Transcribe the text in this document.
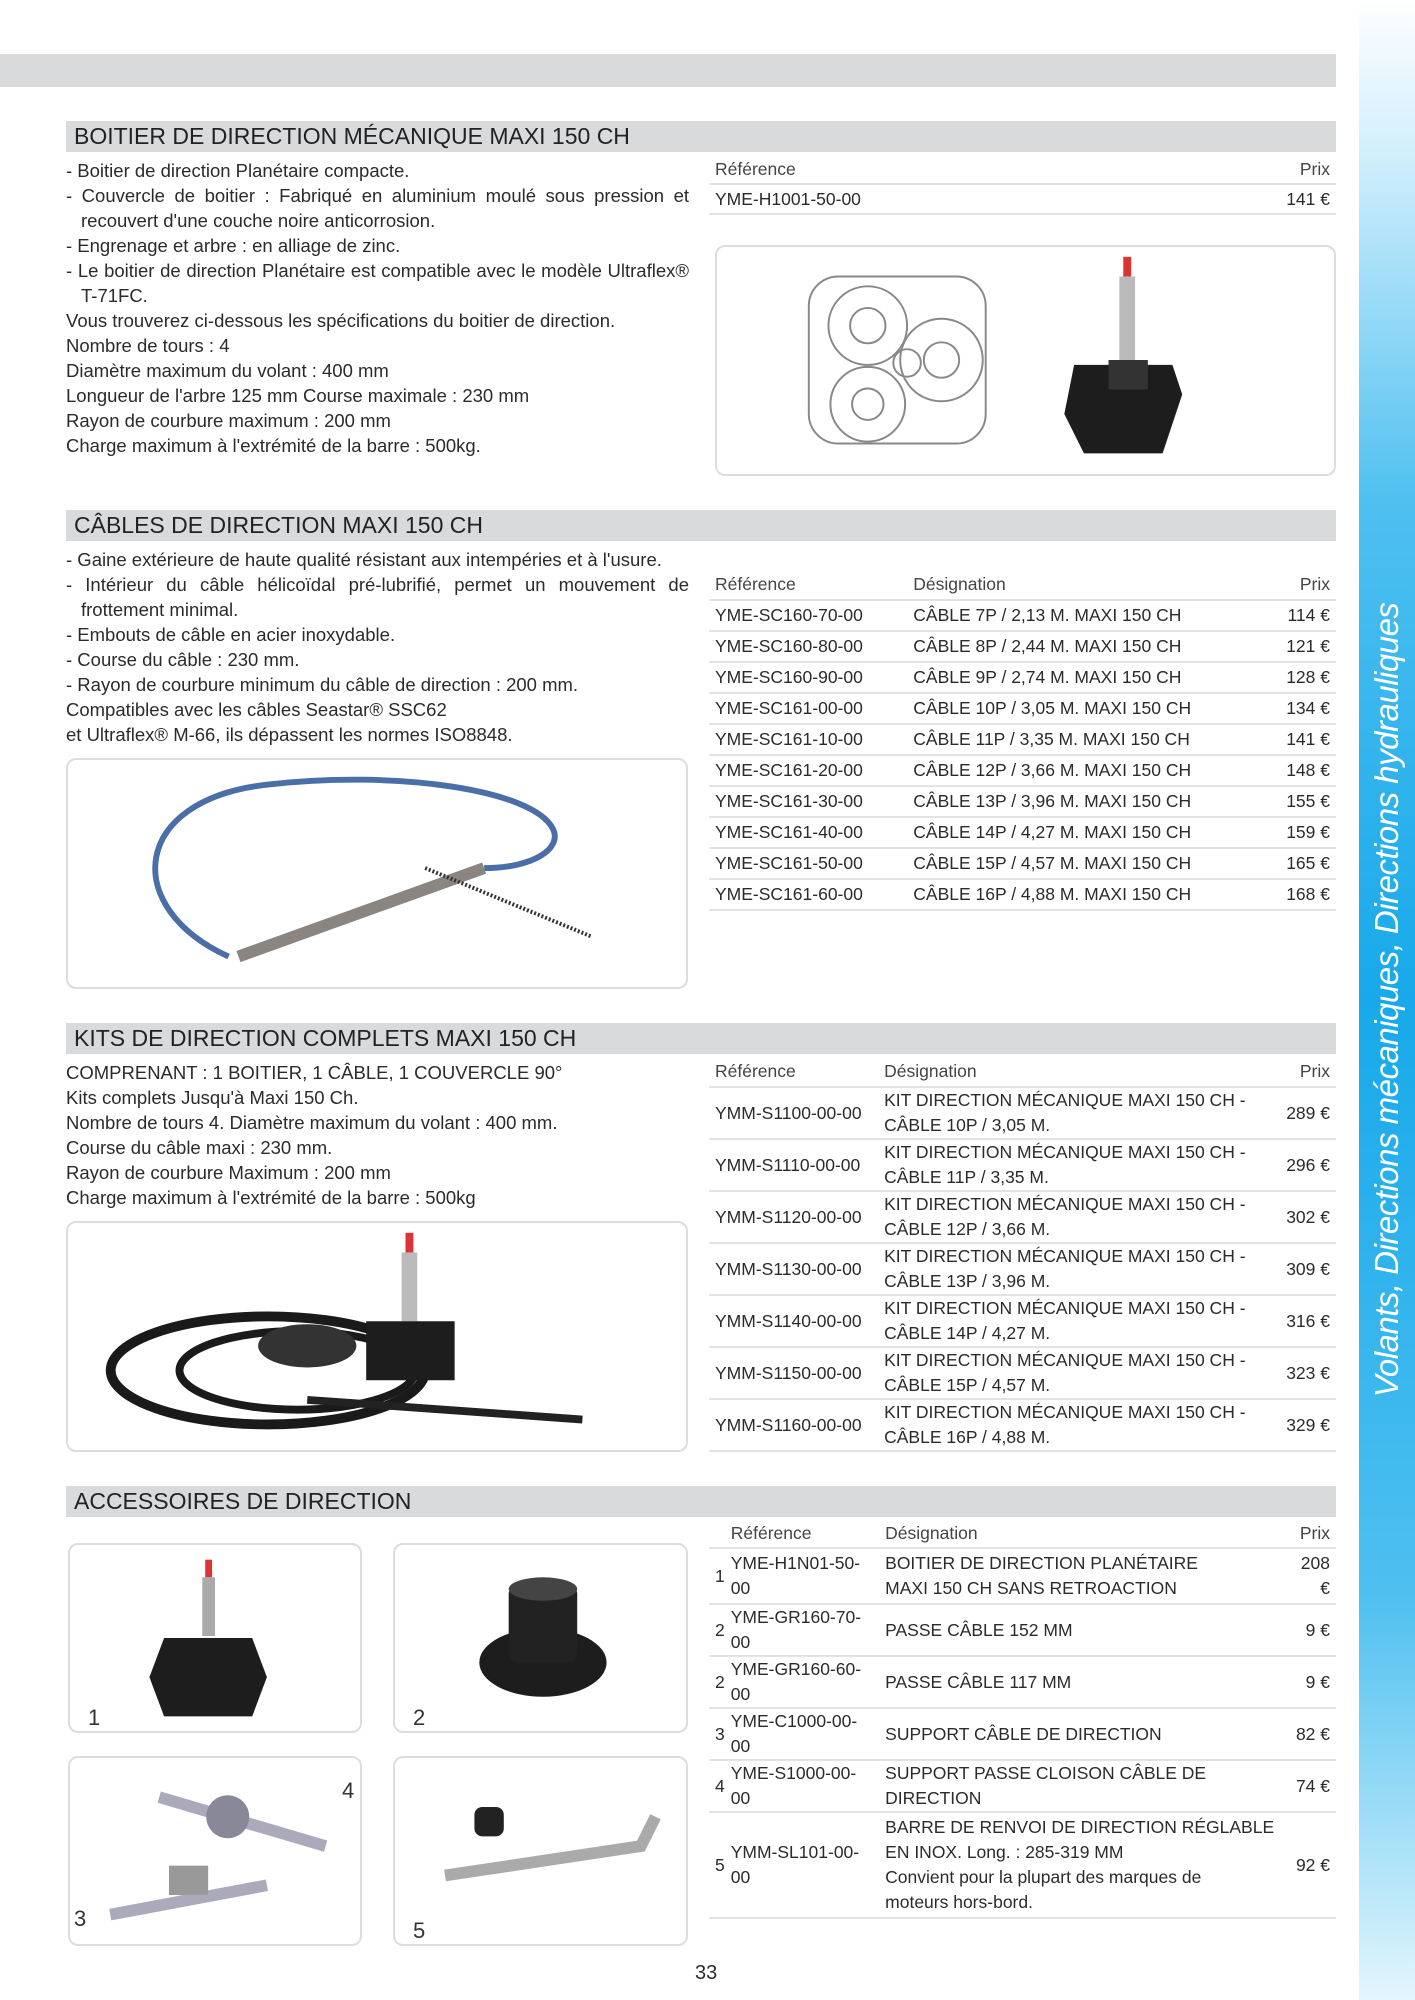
Volants, Directions mécaniques, Directions hydrauliques
BOITIER DE DIRECTION MÉCANIQUE MAXI 150 CH
- Boitier de direction Planétaire compacte.
- Couvercle de boitier : Fabriqué en aluminium moulé sous pression et recouvert d'une couche noire anticorrosion.
- Engrenage et arbre : en alliage de zinc.
- Le boitier de direction Planétaire est compatible avec le modèle Ultraflex® T-71FC.
Vous trouverez ci-dessous les spécifications du boitier de direction.
Nombre de tours : 4
Diamètre maximum du volant : 400 mm
Longueur de l'arbre 125 mm Course maximale : 230 mm
Rayon de courbure maximum : 200 mm
Charge maximum à l'extrémité de la barre : 500kg.
Référence	Prix
YME-H1001-50-00	141 €
CÂBLES DE DIRECTION MAXI 150 CH
- Gaine extérieure de haute qualité résistant aux intempéries et à l'usure.
- Intérieur du câble hélicoïdal pré-lubrifié, permet un mouvement de frottement minimal.
- Embouts de câble en acier inoxydable.
- Course du câble : 230 mm.
- Rayon de courbure minimum du câble de direction : 200 mm.
Compatibles avec les câbles Seastar® SSC62
et Ultraflex® M-66, ils dépassent les normes ISO8848.
Référence	Désignation	Prix
YME-SC160-70-00	CÂBLE 7P / 2,13 M. MAXI 150 CH	114 €
YME-SC160-80-00	CÂBLE 8P / 2,44 M. MAXI 150 CH	121 €
YME-SC160-90-00	CÂBLE 9P / 2,74 M. MAXI 150 CH	128 €
YME-SC161-00-00	CÂBLE 10P / 3,05 M. MAXI 150 CH	134 €
YME-SC161-10-00	CÂBLE 11P / 3,35 M. MAXI 150 CH	141 €
YME-SC161-20-00	CÂBLE 12P / 3,66 M. MAXI 150 CH	148 €
YME-SC161-30-00	CÂBLE 13P / 3,96 M. MAXI 150 CH	155 €
YME-SC161-40-00	CÂBLE 14P / 4,27 M. MAXI 150 CH	159 €
YME-SC161-50-00	CÂBLE 15P / 4,57 M. MAXI 150 CH	165 €
YME-SC161-60-00	CÂBLE 16P / 4,88 M. MAXI 150 CH	168 €
KITS DE DIRECTION COMPLETS MAXI 150 CH
COMPRENANT : 1 BOITIER, 1 CÂBLE, 1 COUVERCLE 90°
Kits complets Jusqu'à Maxi 150 Ch.
Nombre de tours 4. Diamètre maximum du volant : 400 mm.
Course du câble maxi : 230 mm.
Rayon de courbure Maximum : 200 mm
Charge maximum à l'extrémité de la barre : 500kg
Référence	Désignation	Prix
YMM-S1100-00-00	KIT DIRECTION MÉCANIQUE MAXI 150 CH -
CÂBLE 10P / 3,05 M.	289 €
YMM-S1110-00-00	KIT DIRECTION MÉCANIQUE MAXI 150 CH -
CÂBLE 11P / 3,35 M.	296 €
YMM-S1120-00-00	KIT DIRECTION MÉCANIQUE MAXI 150 CH -
CÂBLE 12P / 3,66 M.	302 €
YMM-S1130-00-00	KIT DIRECTION MÉCANIQUE MAXI 150 CH -
CÂBLE 13P / 3,96 M.	309 €
YMM-S1140-00-00	KIT DIRECTION MÉCANIQUE MAXI 150 CH -
CÂBLE 14P / 4,27 M.	316 €
YMM-S1150-00-00	KIT DIRECTION MÉCANIQUE MAXI 150 CH -
CÂBLE 15P / 4,57 M.	323 €
YMM-S1160-00-00	KIT DIRECTION MÉCANIQUE MAXI 150 CH -
CÂBLE 16P / 4,88 M.	329 €
ACCESSOIRES DE DIRECTION
1	2
3
4
5
	Référence	Désignation	Prix
1	YME-H1N01-50-00	BOITIER DE DIRECTION PLANÉTAIRE
MAXI 150 CH SANS RETROACTION	208 €
2	YME-GR160-70-00	PASSE CÂBLE 152 MM	9 €
2	YME-GR160-60-00	PASSE CÂBLE 117 MM	9 €
3	YME-C1000-00-00	SUPPORT CÂBLE DE DIRECTION	82 €
4	YME-S1000-00-00	SUPPORT PASSE CLOISON CÂBLE DE DIRECTION	74 €
5	YMM-SL101-00-00	BARRE DE RENVOI DE DIRECTION RÉGLABLE
EN INOX. Long. : 285-319 MM
Convient pour la plupart des marques de
moteurs hors-bord.	92 €
33
